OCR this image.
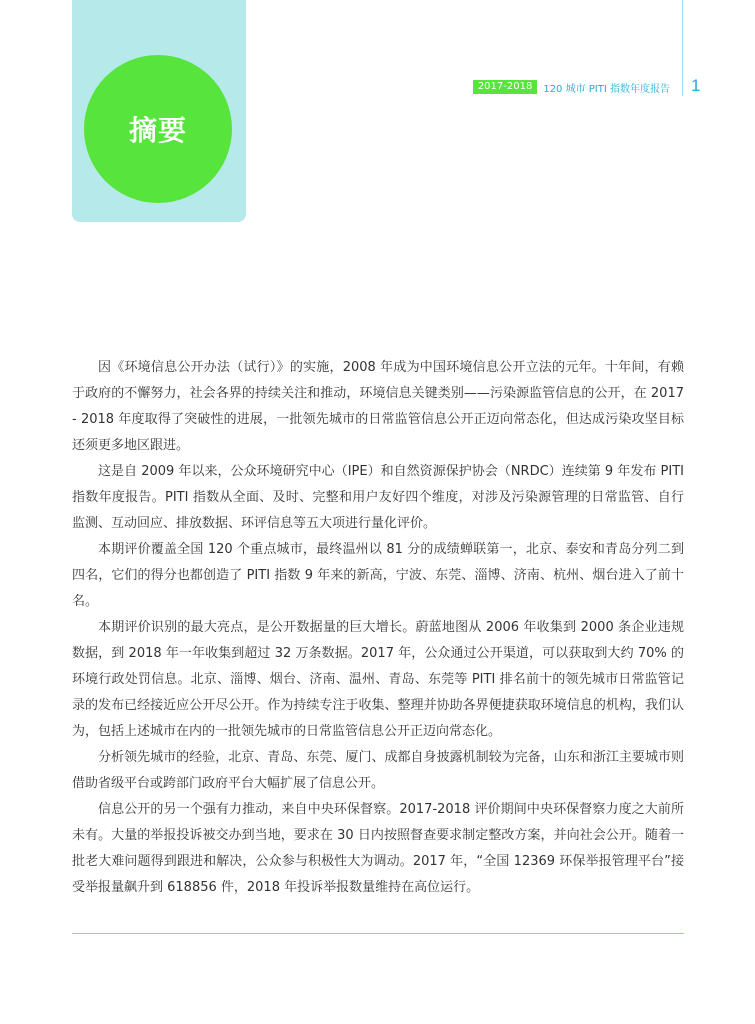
摘要
2017-2018	120 城市 PITI 指数年度报告 1

因《环境信息公开办法（试行）》的实施，2008 年成为中国环境信息公开立法的元年。十年间，有赖于政府的不懈努力，社会各界的持续关注和推动，环境信息关键类别——污染源监管信息的公开，在 2017 - 2018 年度取得了突破性的进展，一批领先城市的日常监管信息公开正迈向常态化，但达成污染攻坚目标还须更多地区跟进。

这是自 2009 年以来，公众环境研究中心（IPE）和自然资源保护协会（NRDC）连续第 9 年发布 PITI 指数年度报告。PITI 指数从全面、及时、完整和用户友好四个维度，对涉及污染源管理的日常监管、自行监测、互动回应、排放数据、环评信息等五大项进行量化评价。

本期评价覆盖全国 120 个重点城市，最终温州以 81 分的成绩蝉联第一，北京、泰安和青岛分列二到四名，它们的得分也都创造了 PITI 指数 9 年来的新高，宁波、东莞、淄博、济南、杭州、烟台进入了前十名。

本期评价识别的最大亮点，是公开数据量的巨大增长。蔚蓝地图从 2006 年收集到 2000 条企业违规数据，到 2018 年一年收集到超过 32 万条数据。2017 年，公众通过公开渠道，可以获取到大约 70% 的环境行政处罚信息。北京、淄博、烟台、济南、温州、青岛、东莞等 PITI 排名前十的领先城市日常监管记录的发布已经接近应公开尽公开。作为持续专注于收集、整理并协助各界便捷获取环境信息的机构，我们认为，包括上述城市在内的一批领先城市的日常监管信息公开正迈向常态化。

分析领先城市的经验，北京、青岛、东莞、厦门、成都自身披露机制较为完备，山东和浙江主要城市则借助省级平台或跨部门政府平台大幅扩展了信息公开。

信息公开的另一个强有力推动，来自中央环保督察。2017-2018 评价期间中央环保督察力度之大前所未有。大量的举报投诉被交办到当地，要求在 30 日内按照督查要求制定整改方案，并向社会公开。随着一批老大难问题得到跟进和解决，公众参与积极性大为调动。2017 年，“全国 12369 环保举报管理平台”接受举报量飙升到 618856 件，2018 年投诉举报数量维持在高位运行。
